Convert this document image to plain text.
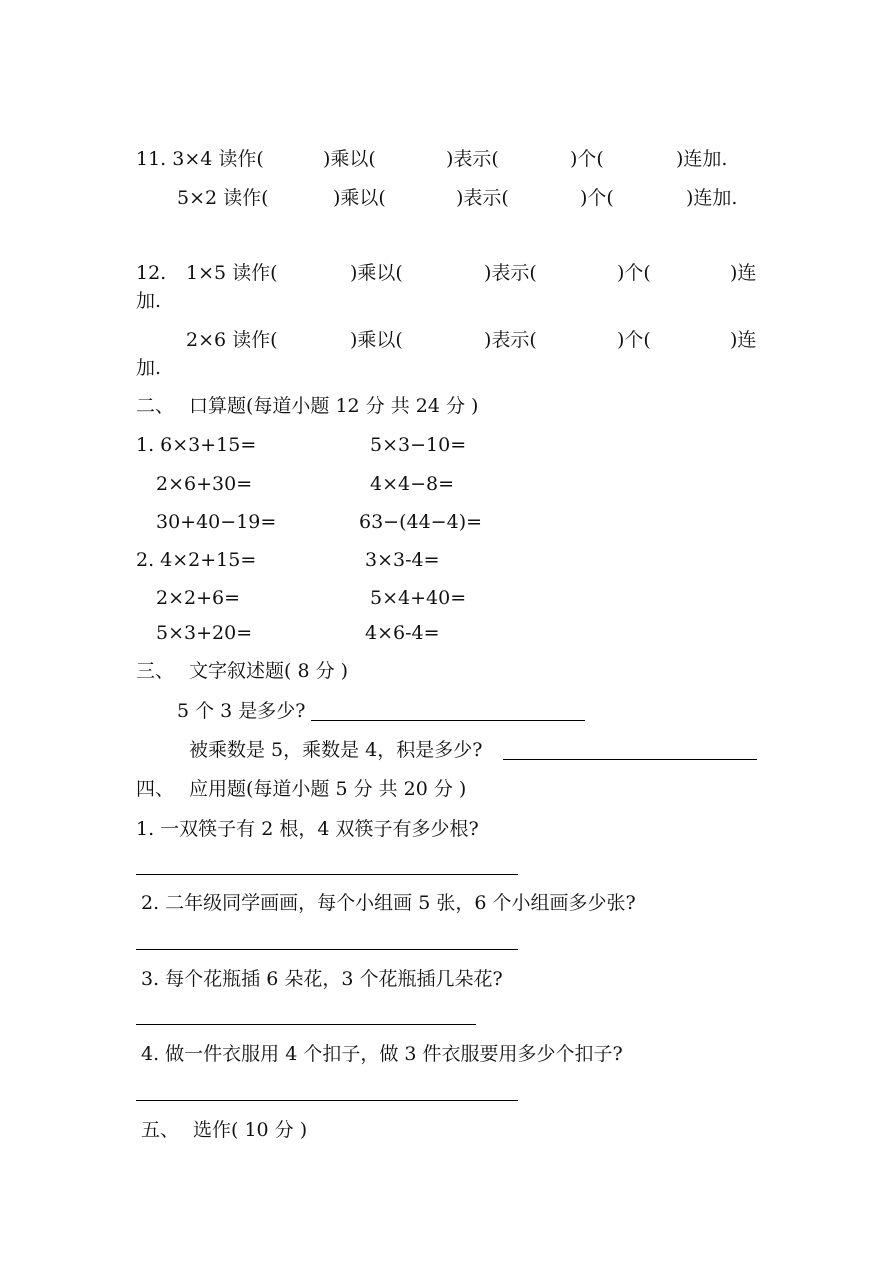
11. 3×4 读作(	)乘以(	)表示(	)个(	)连加.
5×2 读作(	)乘以(	)表示(	)个(	)连加.
12. 1×5 读作(	)乘以(	)表示(	)个(	)连
加.
2×6 读作(	)乘以(	)表示(	)个(	)连
加.
二、 口算题(每道小题 12 分 共 24 分 )
1. 6×3+15=	5×3−10=
2×6+30=	4×4−8=
30+40−19=	63−(44−4)=
2. 4×2+15=	3×3-4=
2×2+6=	5×4+40=
5×3+20=	4×6-4=
三、 文字叙述题( 8 分 )
5 个 3 是多少?
被乘数是 5，乘数是 4，积是多少?
四、 应用题(每道小题 5 分 共 20 分 )
1. 一双筷子有 2 根，4 双筷子有多少根?
2. 二年级同学画画，每个小组画 5 张，6 个小组画多少张?
3. 每个花瓶插 6 朵花，3 个花瓶插几朵花?
4. 做一件衣服用 4 个扣子，做 3 件衣服要用多少个扣子?
五、 选作( 10 分 )
